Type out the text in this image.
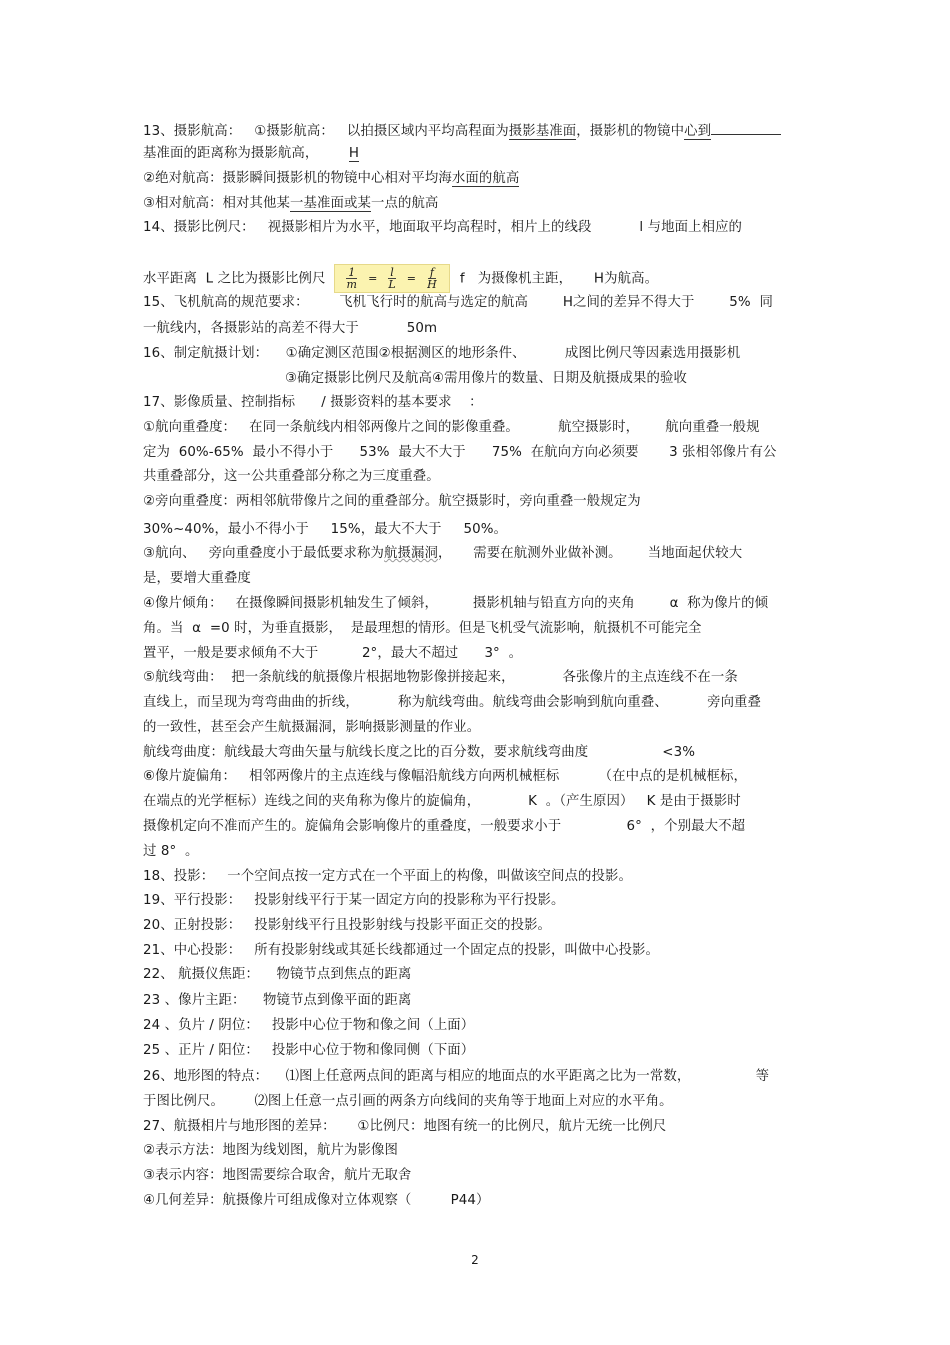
13、摄影航高：   ①摄影航高：   以拍摄区域内平均高程面为摄影基准面，摄影机的物镜中心到
基准面的距离称为摄影航高，       H
②绝对航高：摄影瞬间摄影机的物镜中心相对平均海水面的航高
③相对航高：相对其他某一基准面或某一点的航高
14、摄影比例尺：   视摄影相片为水平，地面取平均高程时，相片上的线段           l 与地面上相应的
水平距离  L 之比为摄影比例尺 $\frac{1}{m} = \frac{l}{L} = \frac{f}{H}$ f   为摄像机主距，     H为航高。
15、飞机航高的规范要求：       飞机飞行时的航高与选定的航高        H之间的差异不得大于        5%  同
一航线内，各摄影站的高差不得大于           50m
16、制定航摄计划：    ①确定测区范围②根据测区的地形条件、         成图比例尺等因素选用摄影机
③确定摄影比例尺及航高④需用像片的数量、日期及航摄成果的验收
17、影像质量、控制指标      / 摄影资料的基本要求    ：
①航向重叠度：   在同一条航线内相邻两像片之间的影像重叠。         航空摄影时，      航向重叠一般规
定为  60%-65%  最小不得小于      53%  最大不大于      75%  在航向方向必须要       3 张相邻像片有公
共重叠部分，这一公共重叠部分称之为三度重叠。
②旁向重叠度：两相邻航带像片之间的重叠部分。航空摄影时，旁向重叠一般规定为
30%~40%，最小不得小于     15%，最大不大于     50%。
③航向、   旁向重叠度小于最低要求称为航摄漏洞，     需要在航测外业做补测。      当地面起伏较大
是，要增大重叠度
④像片倾角：   在摄像瞬间摄影机轴发生了倾斜，        摄影机轴与铅直方向的夹角        α  称为像片的倾
角。当  α  =0 时，为垂直摄影，  是最理想的情形。但是飞机受气流影响，航摄机不可能完全
置平，一般是要求倾角不大于          2°，最大不超过      3°  。
⑤航线弯曲：  把一条航线的航摄像片根据地物影像拼接起来，           各张像片的主点连线不在一条
直线上，而呈现为弯弯曲曲的折线，         称为航线弯曲。航线弯曲会影响到航向重叠、         旁向重叠
的一致性，甚至会产生航摄漏洞，影响摄影测量的作业。
航线弯曲度：航线最大弯曲矢量与航线长度之比的百分数，要求航线弯曲度                 <3%
⑥像片旋偏角：   相邻两像片的主点连线与像幅沿航线方向两机械框标         （在中点的是机械框标，
在端点的光学框标）连线之间的夹角称为像片的旋偏角，           K  。（产生原因）   K 是由于摄影时
摄像机定向不准而产生的。旋偏角会影响像片的重叠度，一般要求小于               6°  ，个别最大不超
过 8°  。
18、投影：   一个空间点按一定方式在一个平面上的构像，叫做该空间点的投影。
19、平行投影：   投影射线平行于某一固定方向的投影称为平行投影。
20、正射投影：   投影射线平行且投影射线与投影平面正交的投影。
21、中心投影：   所有投影射线或其延长线都通过一个固定点的投影，叫做中心投影。
22、 航摄仪焦距：    物镜节点到焦点的距离
23 、像片主距：    物镜节点到像平面的距离
24 、负片 / 阴位：   投影中心位于物和像之间（上面）
25 、正片 / 阳位：   投影中心位于物和像同侧（下面）
26、地形图的特点：    ⑴图上任意两点间的距离与相应的地面点的水平距离之比为一常数，               等
于图比例尺。       ⑵图上任意一点引画的两条方向线间的夹角等于地面上对应的水平角。
27、航摄相片与地形图的差异：     ①比例尺：地图有统一的比例尺，航片无统一比例尺
②表示方法：地图为线划图，航片为影像图
③表示内容：地图需要综合取舍，航片无取舍
④几何差异：航摄像片可组成像对立体观察（         P44）
2
